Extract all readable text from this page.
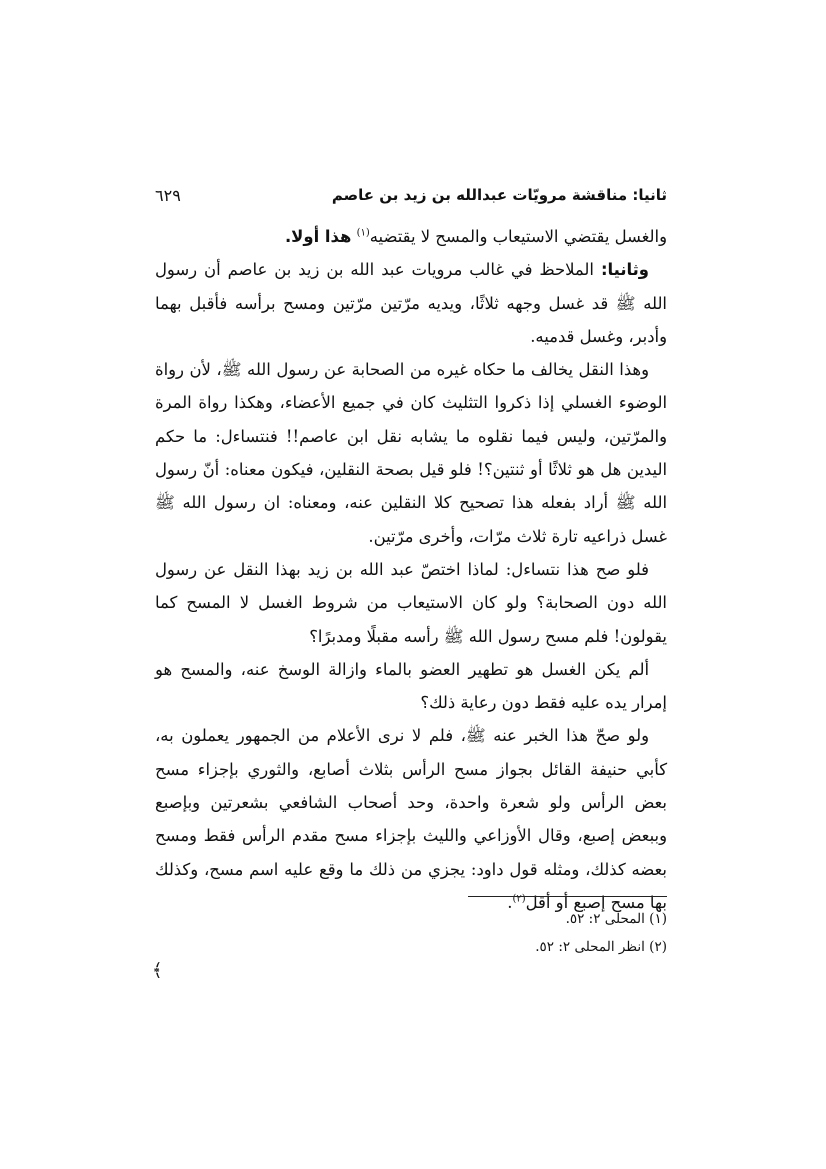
ثانيا: مناقشة مرويّات عبدالله بن زيد بن عاصم
٦٢٩

والغسل يقتضي الاستيعاب والمسح لا يقتضيه$^{(١)}$ هذا أولا.

وثانيا: الملاحظ في غالب مرويات عبد الله بن زيد بن عاصم أن رسول الله ﷺ قد غسل وجهه ثلاثًا، ويديه مرّتين مرّتين ومسح برأسه فأقبل بهما وأدبر، وغسل قدميه.

وهذا النقل يخالف ما حكاه غيره من الصحابة عن رسول الله ﷺ، لأن رواة الوضوء الغسلي إذا ذكروا التثليث كان في جميع الأعضاء، وهكذا رواة المرة والمرّتين، وليس فيما نقلوه ما يشابه نقل ابن عاصم!! فنتساءل: ما حكم اليدين هل هو ثلاثًا أو ثنتين؟! فلو قيل بصحة النقلين، فيكون معناه: أنّ رسول الله ﷺ أراد بفعله هذا تصحيح كلا النقلين عنه، ومعناه: ان رسول الله ﷺ غسل ذراعيه تارة ثلاث مرّات، وأخرى مرّتين.

فلو صح هذا نتساءل: لماذا اختصّ عبد الله بن زيد بهذا النقل عن رسول الله دون الصحابة؟ ولو كان الاستيعاب من شروط الغسل لا المسح كما يقولون! فلم مسح رسول الله ﷺ رأسه مقبلًا ومدبرًا؟

ألم يكن الغسل هو تطهير العضو بالماء وازالة الوسخ عنه، والمسح هو إمرار يده عليه فقط دون رعاية ذلك؟

ولو صحّ هذا الخبر عنه ﷺ، فلم لا نرى الأعلام من الجمهور يعملون به، كأبي حنيفة القائل بجواز مسح الرأس بثلاث أصابع، والثوري بإجزاء مسح بعض الرأس ولو شعرة واحدة، وحد أصحاب الشافعي بشعرتين وبإصبع وببعض إصبع، وقال الأوزاعي والليث بإجزاء مسح مقدم الرأس فقط ومسح بعضه كذلك، ومثله قول داود: يجزي من ذلك ما وقع عليه اسم مسح، وكذلك بها مسح إصبع أو أقل$^{(٢)}$.

(١) المحلى ٢: ٥٢.
(٢) انظر المحلى ٢: ٥٢.
﴾
